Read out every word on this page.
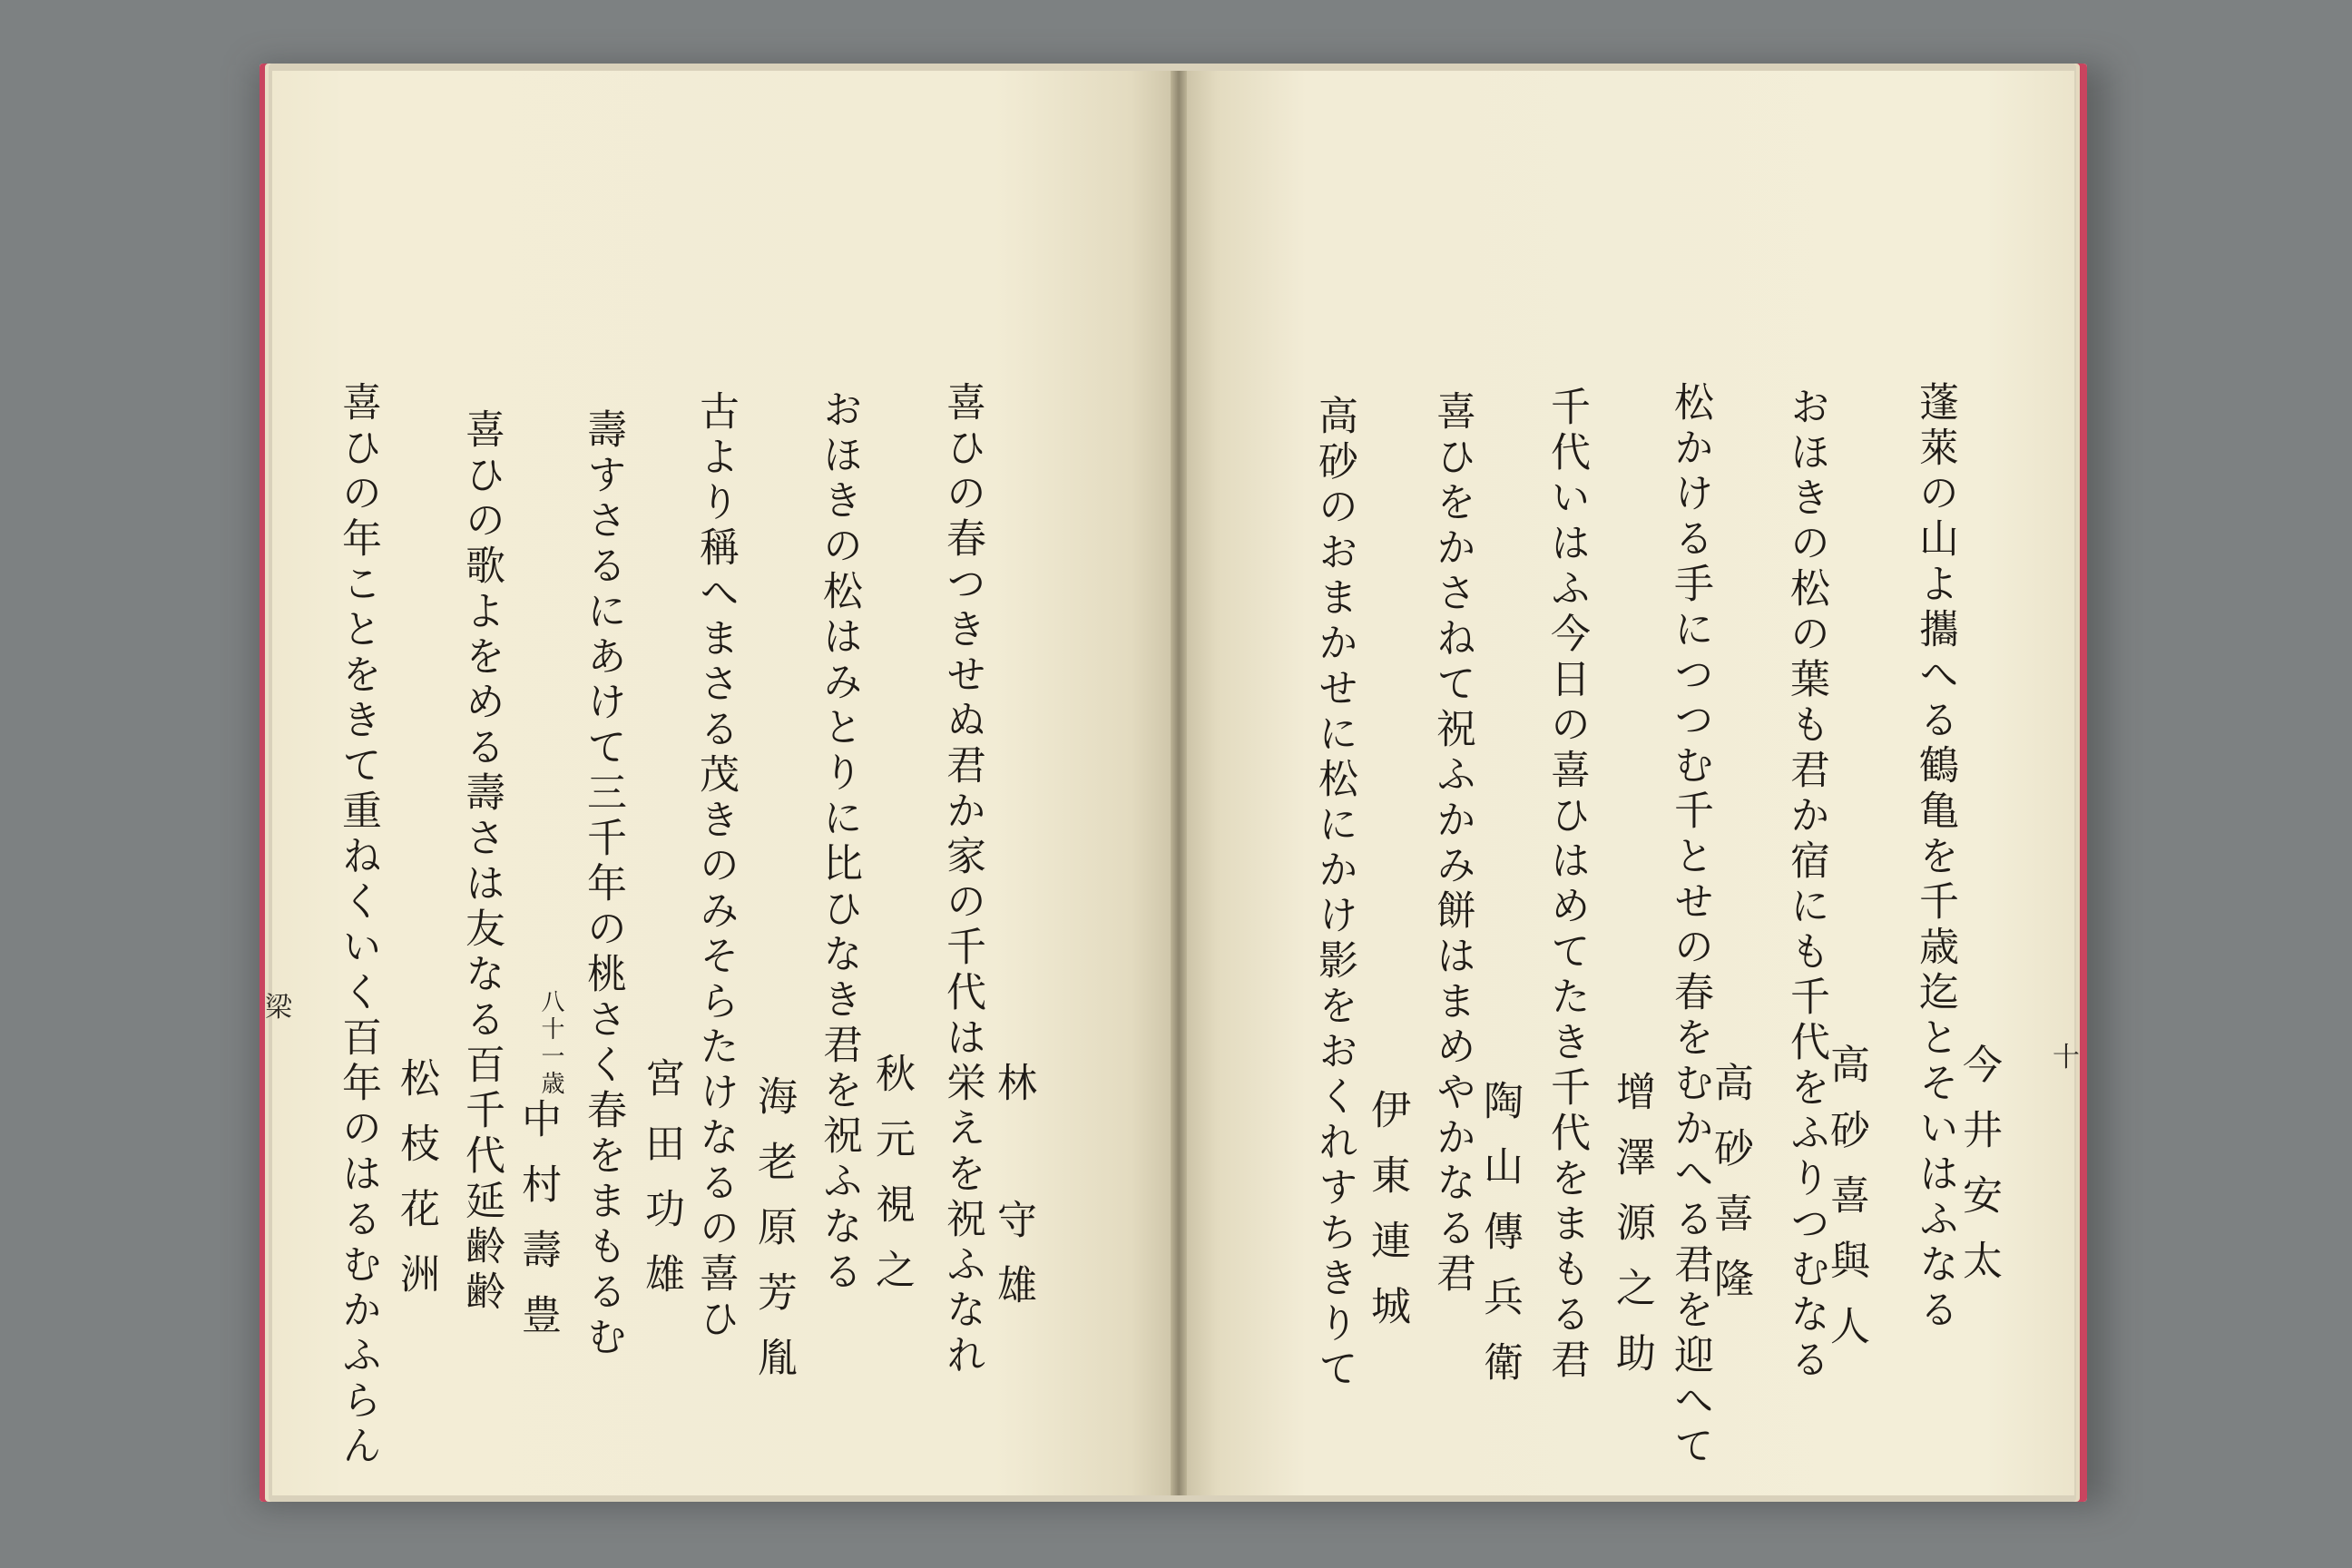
蓬萊の山よ攜へる鶴亀を千歳迄とそいはふなる
今井安太
おほきの松の葉も君か宿にも千代をふりつむなる
高砂喜與人
松かける手につつむ千とせの春をむかへる君を迎へて
高砂喜隆
千代いはふ今日の喜ひはめてたき千代をまもる君 增澤源之助
喜ひをかさねて祝ふかみ餅はまめやかなる君 陶山傳兵衛
高砂のおまかせに松にかけ影をおくれすちきりて 伊東連城
十
林 守雄
喜ひの春つきせぬ君か家の千代は栄えを祝ふなれ
秋元視之
おほきの松はみとりに比ひなき君を祝ふなる
海老原芳胤
古より稱へまさる茂きのみそらたけなるの喜ひ
宮田功雄
壽すさるにあけて三千年の桃さく春をまもるむ
八十一歳
中村壽豊
喜ひの歌よをめる壽さは友なる百千代延齢齢
松枝花洲
喜ひの年ことをきて重ねくいく百年のはるむかふらん
梁
